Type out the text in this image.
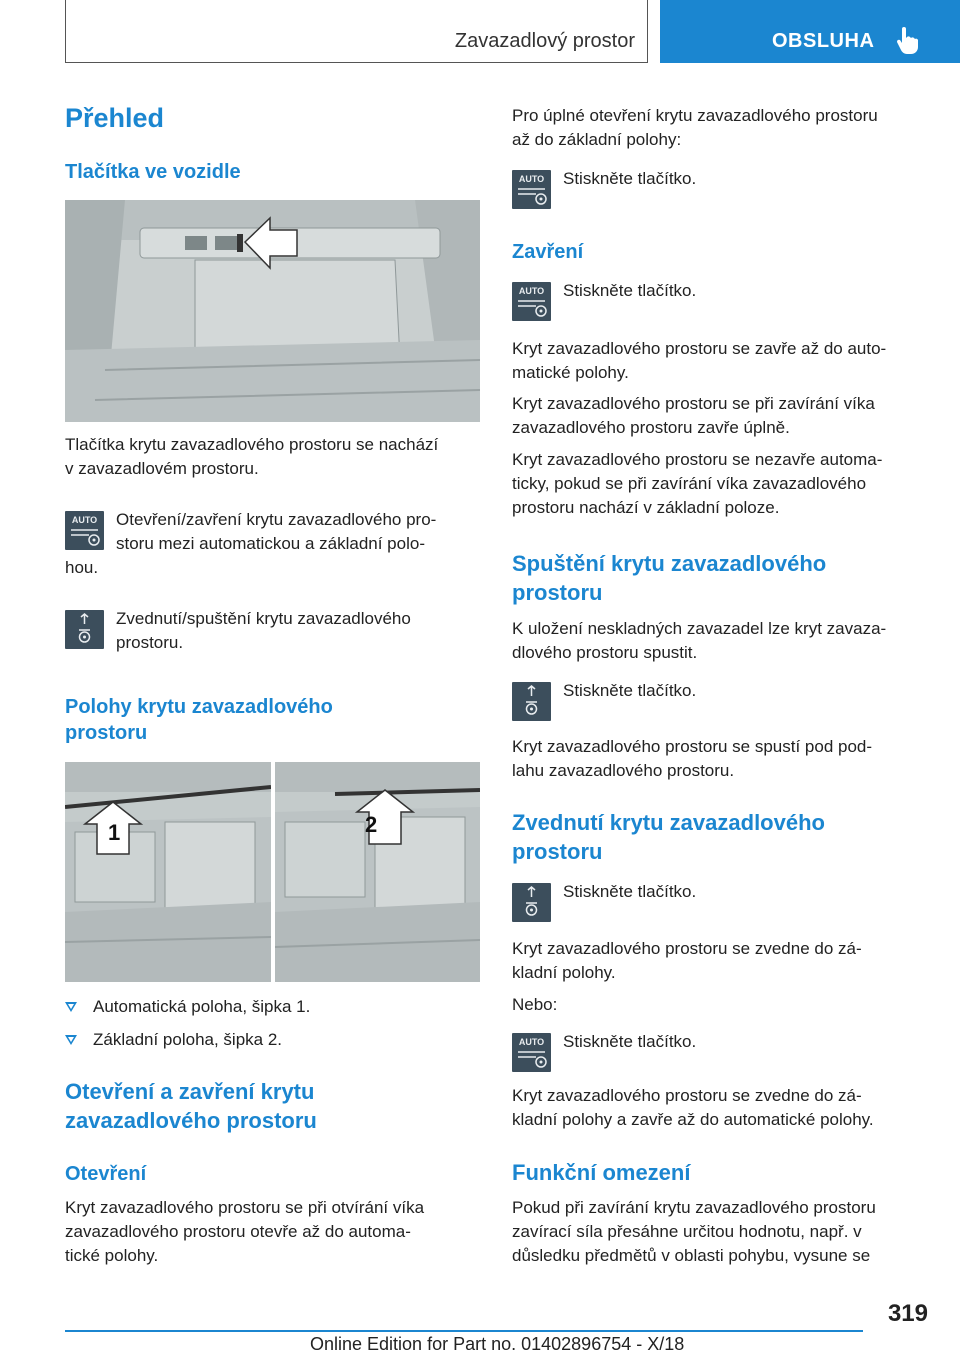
Zavazadlový prostor	OBSLUHA
Přehled
Tlačítka ve vozidle

Tlačítka krytu zavazadlového prostoru se nachází

v zavazadlovém prostoru.

AUTO Otevření/zavření krytu zavazadlového pro-
storu mezi automatickou a základní polo-
hou.
Zvednutí/spuštění krytu zavazadlového
prostoru.
Polohy krytu zavazadlového
prostoru
1	2
Automatická poloha, šipka 1.
Základní poloha, šipka 2.
Otevření a zavření krytu
zavazadlového prostoru
Otevření

Kryt zavazadlového prostoru se při otvírání víka

zavazadlového prostoru otevře až do automa-

tické polohy.

Pro úplné otevření krytu zavazadlového prostoru

až do základní polohy:

AUTO Stiskněte tlačítko.
Zavření
AUTO Stiskněte tlačítko.

Kryt zavazadlového prostoru se zavře až do auto-

matické polohy.

Kryt zavazadlového prostoru se při zavírání víka

zavazadlového prostoru zavře úplně.

Kryt zavazadlového prostoru se nezavře automa-

ticky, pokud se při zavírání víka zavazadlového

prostoru nachází v základní poloze.

Spuštění krytu zavazadlového
prostoru

K uložení neskladných zavazadel lze kryt zavaza-

dlového prostoru spustit.

Stiskněte tlačítko.

Kryt zavazadlového prostoru se spustí pod pod-

lahu zavazadlového prostoru.

Zvednutí krytu zavazadlového
prostoru
Stiskněte tlačítko.

Kryt zavazadlového prostoru se zvedne do zá-

kladní polohy.

Nebo:

AUTO Stiskněte tlačítko.

Kryt zavazadlového prostoru se zvedne do zá-

kladní polohy a zavře až do automatické polohy.

Funkční omezení

Pokud při zavírání krytu zavazadlového prostoru

zavírací síla přesáhne určitou hodnotu, např. v

důsledku předmětů v oblasti pohybu, vysune se

319
Online Edition for Part no. 01402896754 - X/18
